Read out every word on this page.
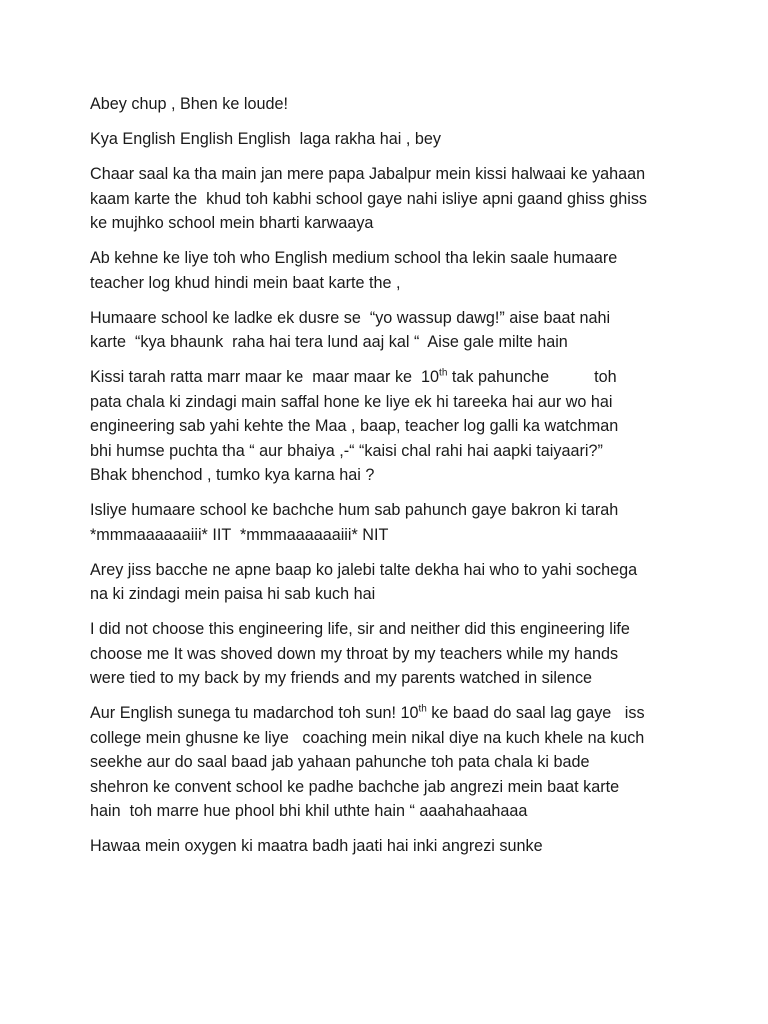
Abey chup , Bhen ke loude!
Kya English English English  laga rakha hai , bey
Chaar saal ka tha main jan mere papa Jabalpur mein kissi halwaai ke yahaan
kaam karte the  khud toh kabhi school gaye nahi isliye apni gaand ghiss ghiss
ke mujhko school mein bharti karwaaya
Ab kehne ke liye toh who English medium school tha lekin saale humaare
teacher log khud hindi mein baat karte the ,
Humaare school ke ladke ek dusre se  “yo wassup dawg!” aise baat nahi
karte  “kya bhaunk  raha hai tera lund aaj kal “  Aise gale milte hain
Kissi tarah ratta marr maar ke  maar maar ke  10th tak pahunche          toh
pata chala ki zindagi main saffal hone ke liye ek hi tareeka hai aur wo hai
engineering sab yahi kehte the Maa , baap, teacher log galli ka watchman
bhi humse puchta tha “ aur bhaiya ,-“ “kaisi chal rahi hai aapki taiyaari?”
Bhak bhenchod , tumko kya karna hai ?
Isliye humaare school ke bachche hum sab pahunch gaye bakron ki tarah
*mmmaaaaaaiii* IIT  *mmmaaaaaaiii* NIT
Arey jiss bacche ne apne baap ko jalebi talte dekha hai who to yahi sochega
na ki zindagi mein paisa hi sab kuch hai
I did not choose this engineering life, sir and neither did this engineering life
choose me It was shoved down my throat by my teachers while my hands
were tied to my back by my friends and my parents watched in silence
Aur English sunega tu madarchod toh sun! 10th ke baad do saal lag gaye   iss
college mein ghusne ke liye   coaching mein nikal diye na kuch khele na kuch
seekhe aur do saal baad jab yahaan pahunche toh pata chala ki bade
shehron ke convent school ke padhe bachche jab angrezi mein baat karte
hain  toh marre hue phool bhi khil uthte hain “ aaahahaahaaa
Hawaa mein oxygen ki maatra badh jaati hai inki angrezi sunke
